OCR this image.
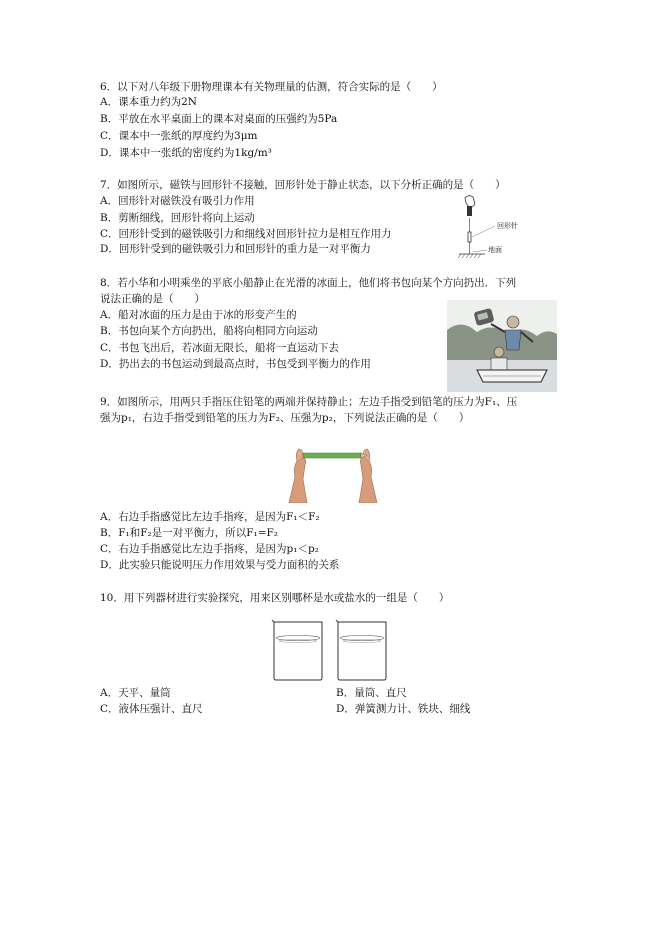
6．以下对八年级下册物理课本有关物理量的估测，符合实际的是（　　）
A．课本重力约为2N
B．平放在水平桌面上的课本对桌面的压强约为5Pa
C．课本中一张纸的厚度约为3μm
D．课本中一张纸的密度约为1kg/m³
7．如图所示，磁铁与回形针不接触，回形针处于静止状态，以下分析正确的是（　　）
A．回形针对磁铁没有吸引力作用
B．剪断细线，回形针将向上运动
C．回形针受到的磁铁吸引力和细线对回形针拉力是相互作用力
D．回形针受到的磁铁吸引力和回形针的重力是一对平衡力
回形针
地面
8．若小华和小明乘坐的平底小船静止在光滑的冰面上，他们将书包向某个方向扔出．下列
说法正确的是（　　）
A．船对冰面的压力是由于冰的形变产生的
B．书包向某个方向扔出，船将向相同方向运动
C．书包飞出后，若冰面无限长，船将一直运动下去
D．扔出去的书包运动到最高点时，书包受到平衡力的作用
9．如图所示，用两只手指压住铅笔的两端并保持静止；左边手指受到铅笔的压力为F₁、压
强为p₁，右边手指受到铅笔的压力为F₂、压强为p₂，下列说法正确的是（　　）
A．右边手指感觉比左边手指疼，是因为F₁＜F₂
B．F₁和F₂是一对平衡力，所以F₁=F₂
C．右边手指感觉比左边手指疼，是因为p₁＜p₂
D．此实验只能说明压力作用效果与受力面积的关系
10．用下列器材进行实验探究，用来区别哪杯是水或盐水的一组是（　　）
A．天平、量筒	B．量筒、直尺
C．液体压强计、直尺	D．弹簧测力计、铁块、细线
